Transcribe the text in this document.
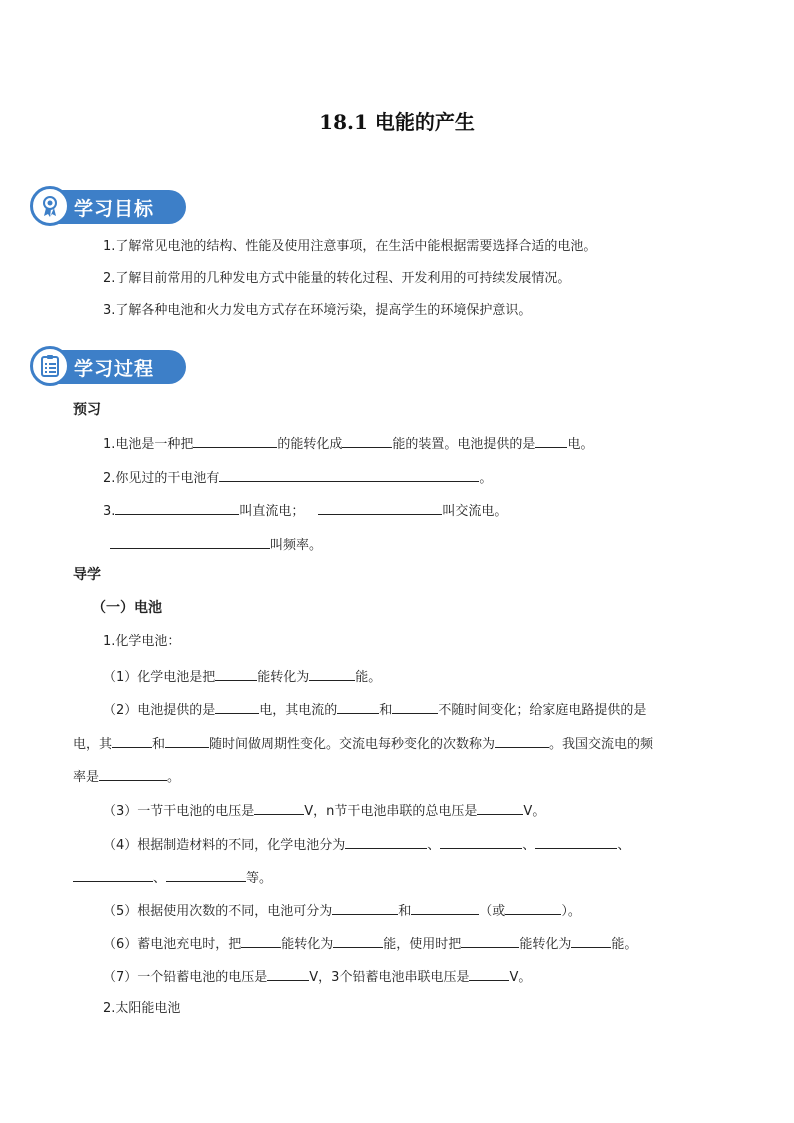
18.1 电能的产生
学习目标
1.了解常见电池的结构、性能及使用注意事项，在生活中能根据需要选择合适的电池。
2.了解目前常用的几种发电方式中能量的转化过程、开发利用的可持续发展情况。
3.了解各种电池和火力发电方式存在环境污染，提高学生的环境保护意识。
学习过程
预习
1.电池是一种把	的能转化成	能的装置。电池提供的是 电。
2.你见过的干电池有	。
3.	叫直流电；	叫交流电。
叫频率。
导学
（一）电池
1.化学电池：
（1）化学电池是把	能转化为	能。
（2）电池提供的是	电，其电流的	和	不随时间变化；给家庭电路提供的是
电，其	和	随时间做周期性变化。交流电每秒变化的次数称为	。我国交流电的频
率是	。
（3）一节干电池的电压是	V，n节干电池串联的总电压是	V。
（4）根据制造材料的不同，化学电池分为	、	、	、
、	等。
（5）根据使用次数的不同，电池可分为	和	（或	）。
（6）蓄电池充电时，把	能转化为	能，使用时把	能转化为	能。
（7）一个铅蓄电池的电压是	V，3个铅蓄电池串联电压是	V。
2.太阳能电池
